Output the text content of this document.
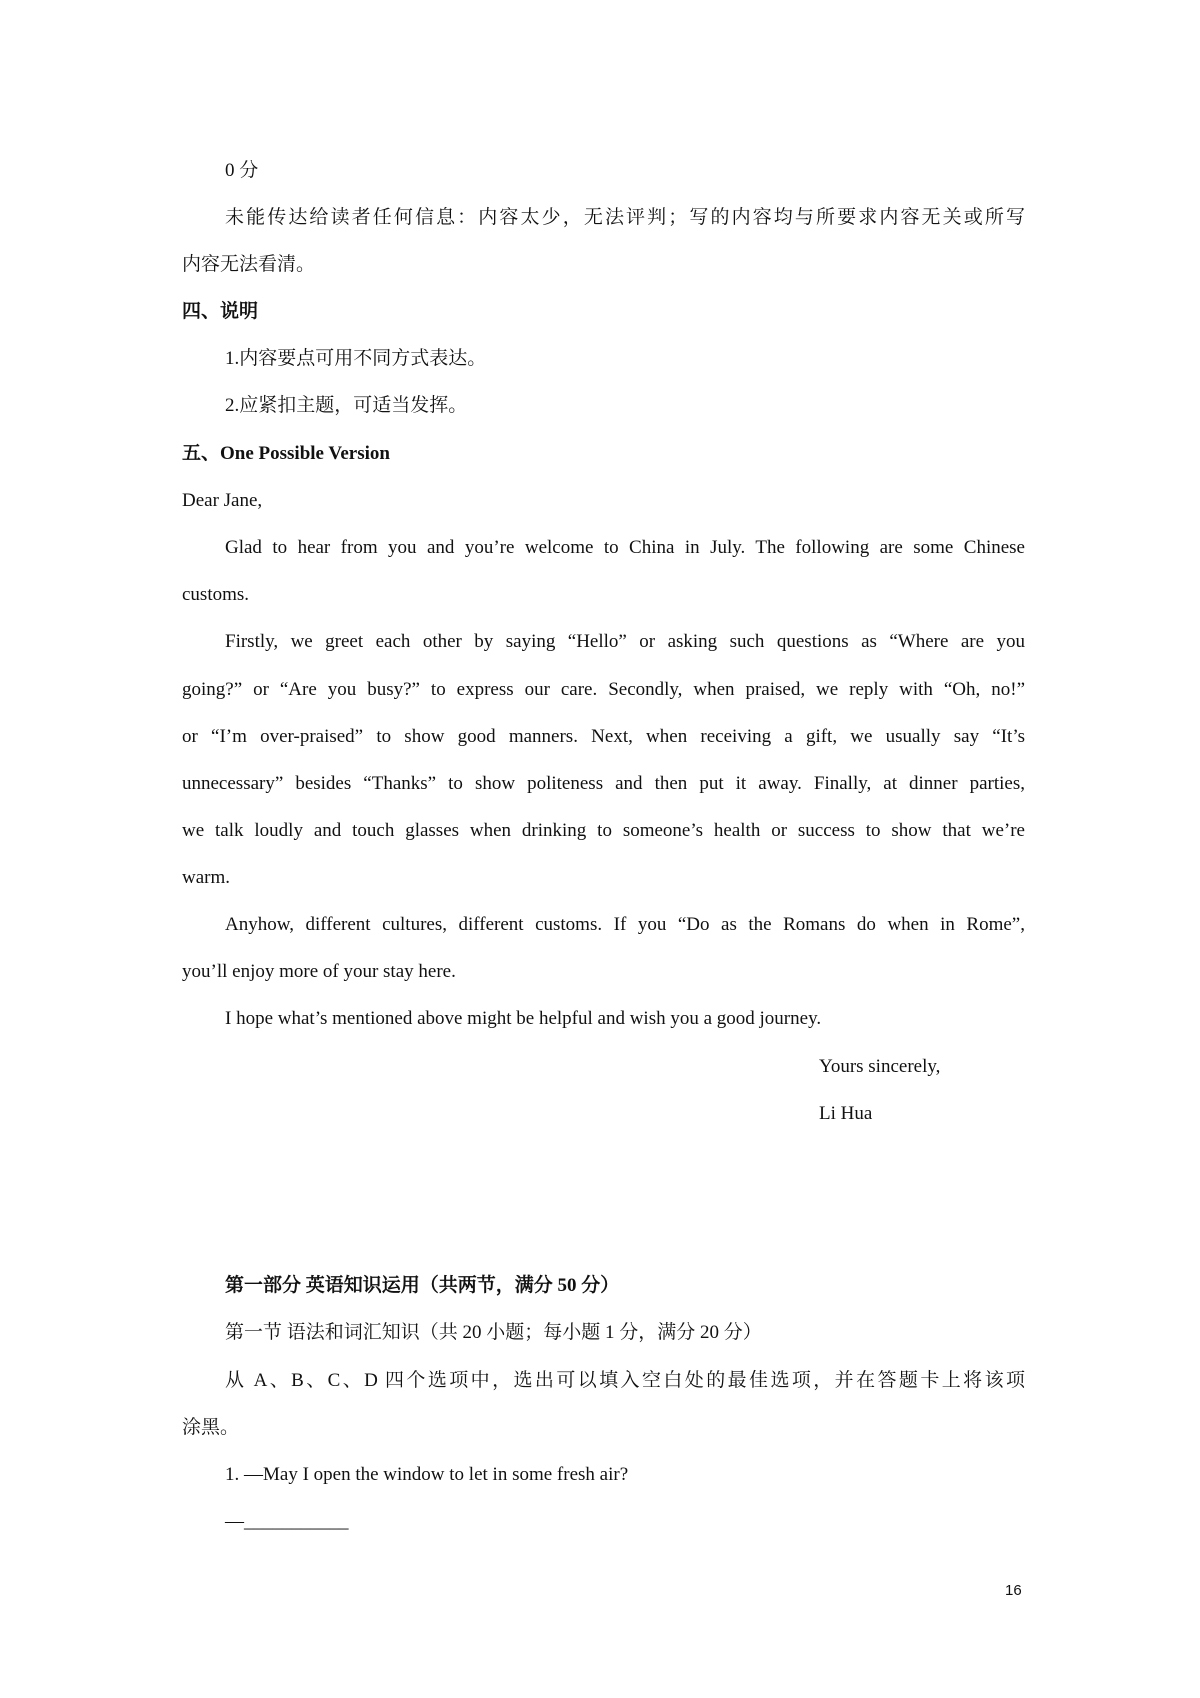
0 分
未能传达给读者任何信息：内容太少，无法评判；写的内容均与所要求内容无关或所写
内容无法看清。
四、说明
1.内容要点可用不同方式表达。
2.应紧扣主题，可适当发挥。
五、One Possible Version
Dear Jane,
Glad to hear from you and you’re welcome to China in July. The following are some Chinese
customs.
Firstly, we greet each other by saying “Hello” or asking such questions as “Where are you
going?” or “Are you busy?” to express our care. Secondly, when praised, we reply with “Oh, no!”
or “I’m over-praised” to show good manners. Next, when receiving a gift, we usually say “It’s
unnecessary” besides “Thanks” to show politeness and then put it away. Finally, at dinner parties,
we talk loudly and touch glasses when drinking to someone’s health or success to show that we’re
warm.
Anyhow, different cultures, different customs. If you “Do as the Romans do when in Rome”,
you’ll enjoy more of your stay here.
I hope what’s mentioned above might be helpful and wish you a good journey.
Yours sincerely,
Li Hua
第一部分 英语知识运用（共两节，满分 50 分）
第一节 语法和词汇知识（共 20 小题；每小题 1 分，满分 20 分）
从 A、B、C、D 四个选项中，选出可以填入空白处的最佳选项，并在答题卡上将该项
涂黑。
1. —May I open the window to let in some fresh air?
—___________
16
